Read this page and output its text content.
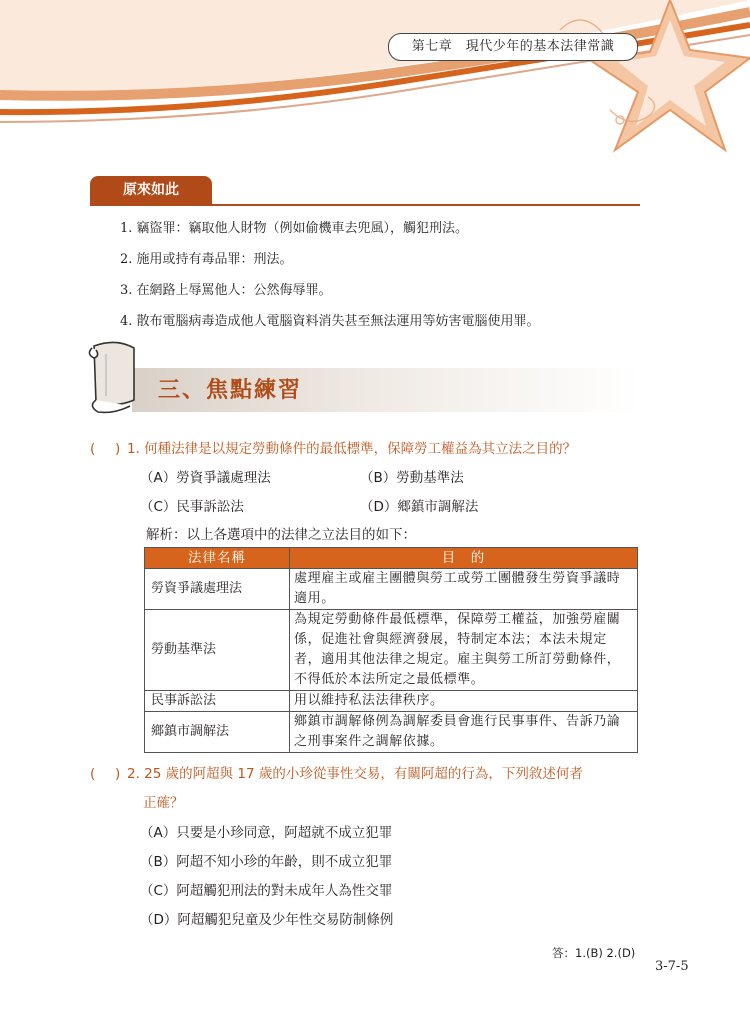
第七章　現代少年的基本法律常識
原來如此
1. 竊盜罪：竊取他人財物（例如偷機車去兜風），觸犯刑法。
2. 施用或持有毒品罪：刑法。
3. 在網路上辱罵他人：公然侮辱罪。
4. 散布電腦病毒造成他人電腦資料消失甚至無法運用等妨害電腦使用罪。
三、焦點練習
( ) 1. 何種法律是以規定勞動條件的最低標準，保障勞工權益為其立法之目的？
（A）勞資爭議處理法	（B）勞動基準法
（C）民事訴訟法	（D）鄉鎮市調解法
解析：以上各選項中的法律之立法目的如下：
法律名稱	目　的
勞資爭議處理法	處理雇主或雇主團體與勞工或勞工團體發生勞資爭議時適用。
勞動基準法	為規定勞動條件最低標準，保障勞工權益，加強勞雇關係，促進社會與經濟發展，特制定本法；本法未規定者，適用其他法律之規定。雇主與勞工所訂勞動條件，不得低於本法所定之最低標準。
民事訴訟法	用以維持私法法律秩序。
鄉鎮市調解法	鄉鎮市調解條例為調解委員會進行民事事件、告訴乃論之刑事案件之調解依據。
( ) 2. 25 歲的阿超與 17 歲的小珍從事性交易，有關阿超的行為，下列敘述何者
正確？
（A）只要是小珍同意，阿超就不成立犯罪
（B）阿超不知小珍的年齡，則不成立犯罪
（C）阿超觸犯刑法的對未成年人為性交罪
（D）阿超觸犯兒童及少年性交易防制條例
答：1.(B) 2.(D)
3-7-5
